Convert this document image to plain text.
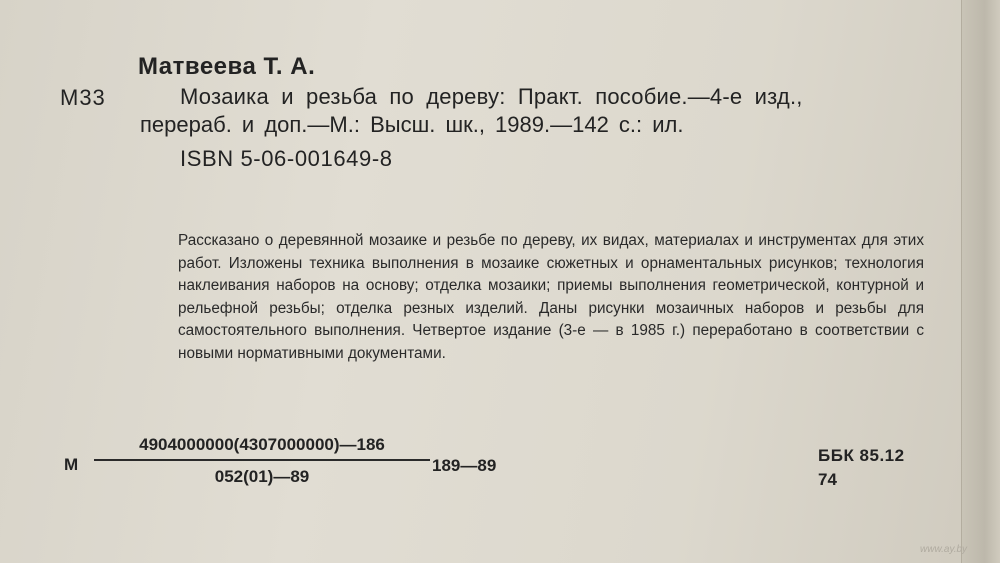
Матвеева Т. А.
М33	Мозаика и резьба по дереву: Практ. пособие.—4-е изд.,
перераб. и доп.—М.: Высш. шк., 1989.—142 с.: ил.
ISBN 5-06-001649-8
Рассказано о деревянной мозаике и резьбе по дереву, их видах, материалах и инструментах для этих работ. Изложены техника выполнения в мозаике сюжетных и орнаментальных рисунков; технология наклеивания наборов на основу; отделка мозаики; приемы выполнения геометрической, контурной и рельефной резьбы; отделка резных изделий. Даны рисунки мозаичных наборов и резьбы для самостоятельного выполнения. Четвертое издание (3-е — в 1985 г.) переработано в соответствии с новыми нормативными документами.
М
4904000000(4307000000)—186
052(01)—89
189—89
ББК 85.12
74
www.ay.by
